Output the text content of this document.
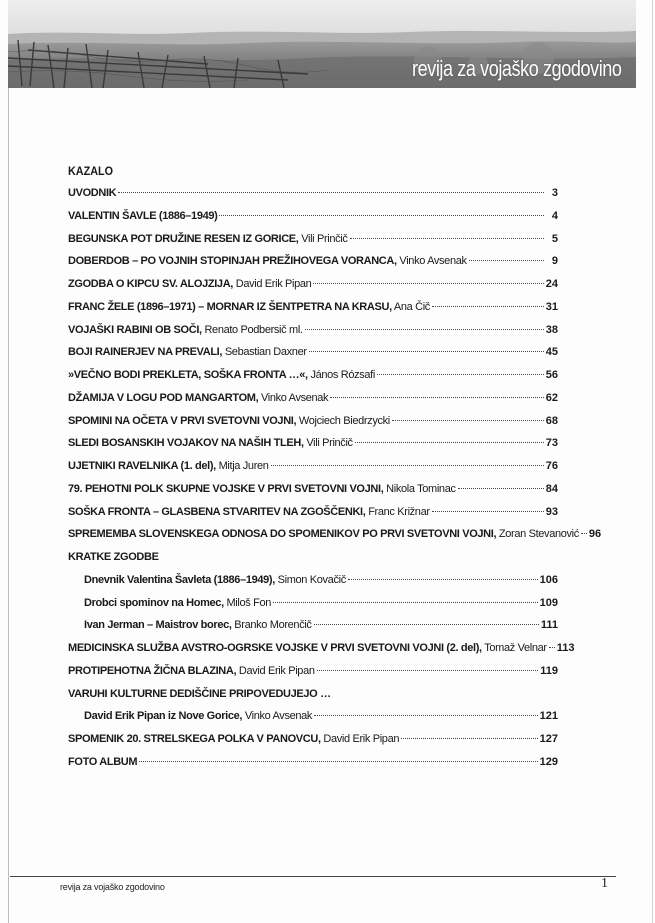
revija za vojaško zgodovino
KAZALO
UVODNIK	3
VALENTIN ŠAVLE (1886–1949)	4
BEGUNSKA POT DRUŽINE RESEN IZ GORICE, Vili Prinčič	5
DOBERDOB – PO VOJNIH STOPINJAH PREŽIHOVEGA VORANCA, Vinko Avsenak	9
ZGODBA O KIPCU SV. ALOJZIJA, David Erik Pipan	24
FRANC ŽELE (1896–1971) – MORNAR IZ ŠENTPETRA NA KRASU, Ana Čič	31
VOJAŠKI RABINI OB SOČI, Renato Podbersič ml.	38
BOJI RAINERJEV NA PREVALI, Sebastian Daxner	45
»VEČNO BODI PREKLETA, SOŠKA FRONTA …«, János Rózsafi	56
DŽAMIJA V LOGU POD MANGARTOM, Vinko Avsenak	62
SPOMINI NA OČETA V PRVI SVETOVNI VOJNI, Wojciech Biedrzycki	68
SLEDI BOSANSKIH VOJAKOV NA NAŠIH TLEH, Vili Prinčič	73
UJETNIKI RAVELNIKA (1. del), Mitja Juren	76
79. PEHOTNI POLK SKUPNE VOJSKE V PRVI SVETOVNI VOJNI, Nikola Tominac	84
SOŠKA FRONTA – GLASBENA STVARITEV NA ZGOŠČENKI, Franc Križnar	93
SPREMEMBA SLOVENSKEGA ODNOSA DO SPOMENIKOV PO PRVI SVETOVNI VOJNI, Zoran Stevanović 96
KRATKE ZGODBE
Dnevnik Valentina Šavleta (1886–1949), Simon Kovačič	106
Drobci spominov na Homec, Miloš Fon	109
Ivan Jerman – Maistrov borec, Branko Morenčič	111
MEDICINSKA SLUŽBA AVSTRO-OGRSKE VOJSKE V PRVI SVETOVNI VOJNI (2. del), Tomaž Velnar 113
PROTIPEHOTNA ŽIČNA BLAZINA, David Erik Pipan	119
VARUHI KULTURNE DEDIŠČINE PRIPOVEDUJEJO …
David Erik Pipan iz Nove Gorice, Vinko Avsenak	121
SPOMENIK 20. STRELSKEGA POLKA V PANOVCU, David Erik Pipan	127
FOTO ALBUM	129
revija za vojaško zgodovino	1
